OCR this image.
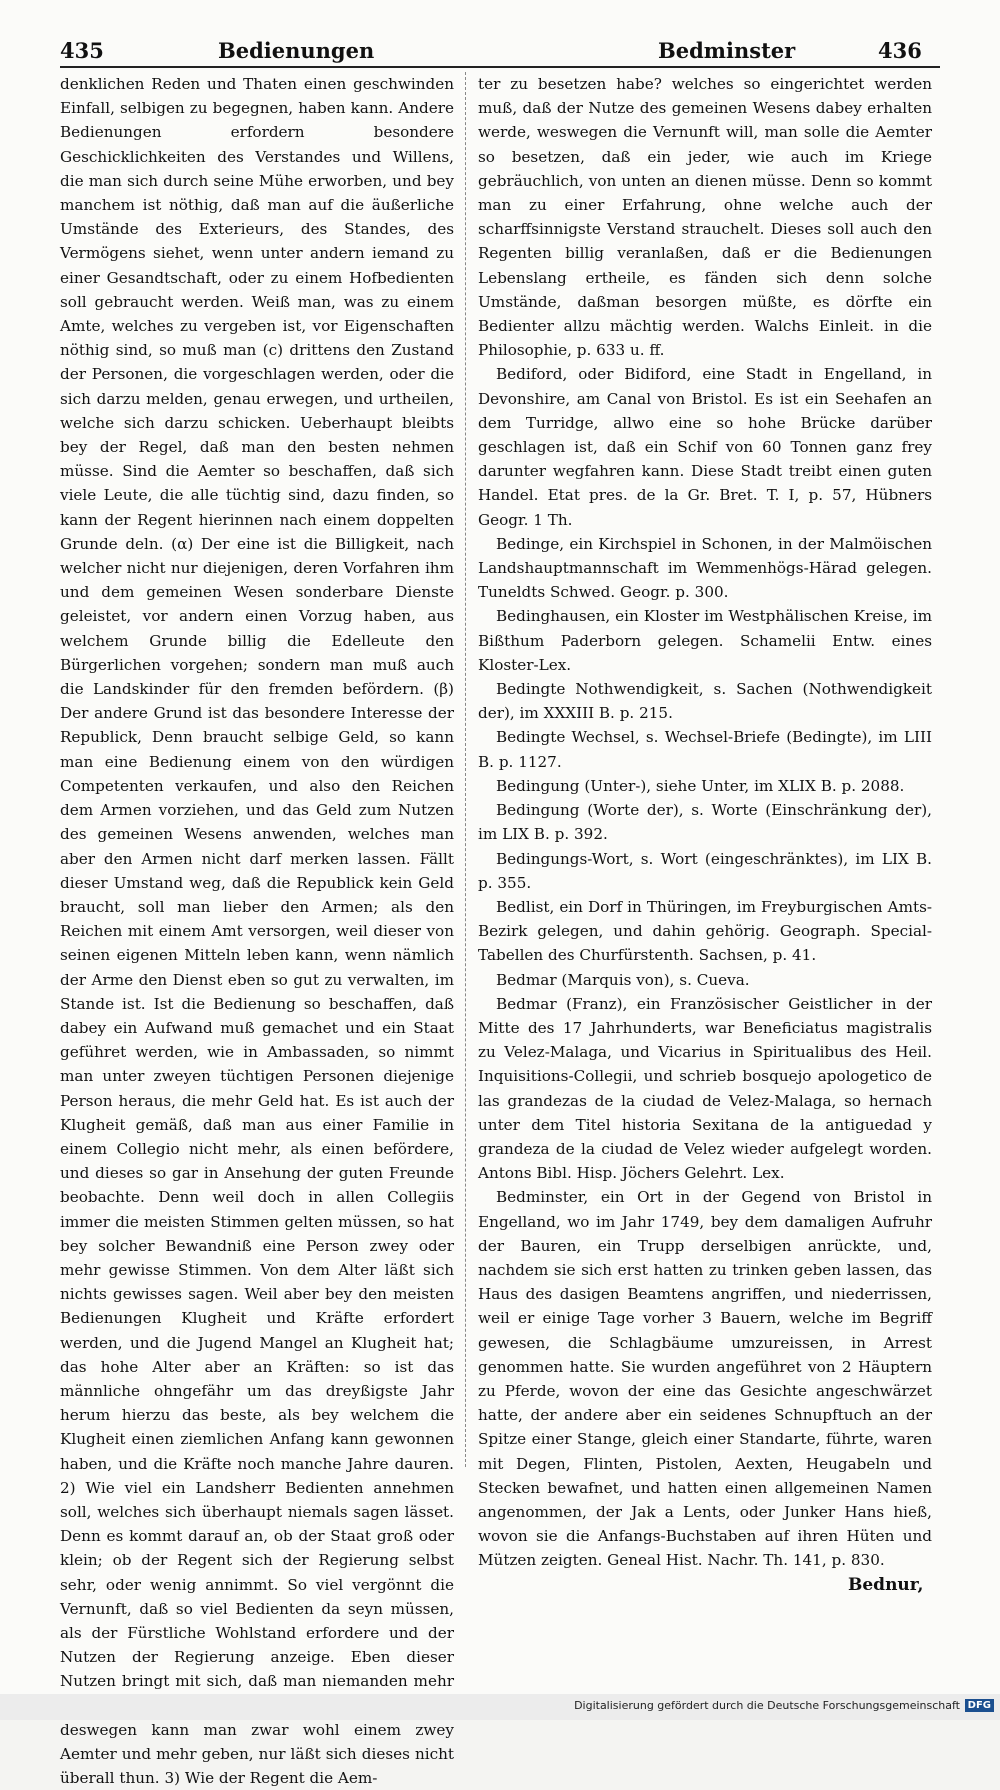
435	Bedienungen	Bedminster	436

denklichen Reden und Thaten einen geschwinden Einfall, selbigen zu begegnen, haben kann. Andere Bedienungen erfordern besondere Geschicklichkeiten des Verstandes und Willens, die man sich durch seine Mühe erworben, und bey manchem ist nöthig, daß man auf die äußerliche Umstände des Exterieurs, des Standes, des Vermögens siehet, wenn unter andern iemand zu einer Gesandtschaft, oder zu einem Hofbedienten soll gebraucht werden. Weiß man, was zu einem Amte, welches zu vergeben ist, vor Eigenschaften nöthig sind, so muß man (c) drittens den Zustand der Personen, die vorgeschlagen werden, oder die sich darzu melden, genau erwegen, und urtheilen, welche sich darzu schicken. Ueberhaupt bleibts bey der Regel, daß man den besten nehmen müsse. Sind die Aemter so beschaffen, daß sich viele Leute, die alle tüchtig sind, dazu finden, so kann der Regent hierinnen nach einem doppelten Grunde deln. (α) Der eine ist die Billigkeit, nach welcher nicht nur diejenigen, deren Vorfahren ihm und dem gemeinen Wesen sonderbare Dienste geleistet, vor andern einen Vorzug haben, aus welchem Grunde billig die Edelleute den Bürgerlichen vorgehen; sondern man muß auch die Landskinder für den fremden befördern. (β) Der andere Grund ist das besondere Interesse der Republick, Denn braucht selbige Geld, so kann man eine Bedienung einem von den würdigen Competenten verkaufen, und also den Reichen dem Armen vorziehen, und das Geld zum Nutzen des gemeinen Wesens anwenden, welches man aber den Armen nicht darf merken lassen. Fällt dieser Umstand weg, daß die Republick kein Geld braucht, soll man lieber den Armen; als den Reichen mit einem Amt versorgen, weil dieser von seinen eigenen Mitteln leben kann, wenn nämlich der Arme den Dienst eben so gut zu verwalten, im Stande ist. Ist die Bedienung so beschaffen, daß dabey ein Aufwand muß gemachet und ein Staat geführet werden, wie in Ambassaden, so nimmt man unter zweyen tüchtigen Personen diejenige Person heraus, die mehr Geld hat. Es ist auch der Klugheit gemäß, daß man aus einer Familie in einem Collegio nicht mehr, als einen befördere, und dieses so gar in Ansehung der guten Freunde beobachte. Denn weil doch in allen Collegiis immer die meisten Stimmen gelten müssen, so hat bey solcher Bewandniß eine Person zwey oder mehr gewisse Stimmen. Von dem Alter läßt sich nichts gewisses sagen. Weil aber bey den meisten Bedienungen Klugheit und Kräfte erfordert werden, und die Jugend Mangel an Klugheit hat; das hohe Alter aber an Kräften: so ist das männliche ohngefähr um das dreyßigste Jahr herum hierzu das beste, als bey welchem die Klugheit einen ziemlichen Anfang kann gewonnen haben, und die Kräfte noch manche Jahre dauren. 2) Wie viel ein Landsherr Bedienten annehmen soll, welches sich überhaupt niemals sagen lässet. Denn es kommt darauf an, ob der Staat groß oder klein; ob der Regent sich der Regierung selbst sehr, oder wenig annimmt. So viel vergönnt die Vernunft, daß so viel Bedienten da seyn müssen, als der Fürstliche Wohlstand erfordere und der Nutzen der Regierung anzeige. Eben dieser Nutzen bringt mit sich, daß man niemanden mehr deswegen kann man zwar wohl einem zwey Aemter und mehr geben, nur läßt sich dieses nicht überall thun. 3) Wie der Regent die Aem-

ter zu besetzen habe? welches so eingerichtet werden muß, daß der Nutze des gemeinen Wesens dabey erhalten werde, weswegen die Vernunft will, man solle die Aemter so besetzen, daß ein jeder, wie auch im Kriege gebräuchlich, von unten an dienen müsse. Denn so kommt man zu einer Erfahrung, ohne welche auch der scharffsinnigste Verstand strauchelt. Dieses soll auch den Regenten billig veranlaßen, daß er die Bedienungen Lebenslang ertheile, es fänden sich denn solche Umstände, daßman besorgen müßte, es dörfte ein Bedienter allzu mächtig werden. Walchs Einleit. in die Philosophie, p. 633 u. ff.

Bediford, oder Bidiford, eine Stadt in Engelland, in Devonshire, am Canal von Bristol. Es ist ein Seehafen an dem Turridge, allwo eine so hohe Brücke darüber geschlagen ist, daß ein Schif von 60 Tonnen ganz frey darunter wegfahren kann. Diese Stadt treibt einen guten Handel. Etat pres. de la Gr. Bret. T. I, p. 57, Hübners Geogr. 1 Th.

Bedinge, ein Kirchspiel in Schonen, in der Malmöischen Landshauptmannschaft im Wemmenhögs-Härad gelegen. Tuneldts Schwed. Geogr. p. 300.

Bedinghausen, ein Kloster im Westphälischen Kreise, im Bißthum Paderborn gelegen. Schamelii Entw. eines Kloster-Lex.

Bedingte Nothwendigkeit, s. Sachen (Nothwendigkeit der), im XXXIII B. p. 215.

Bedingte Wechsel, s. Wechsel-Briefe (Bedingte), im LIII B. p. 1127.

Bedingung (Unter-), siehe Unter, im XLIX B. p. 2088.

Bedingung (Worte der), s. Worte (Einschränkung der), im LIX B. p. 392.

Bedingungs-Wort, s. Wort (eingeschränktes), im LIX B. p. 355.

Bedlist, ein Dorf in Thüringen, im Freyburgischen Amts-Bezirk gelegen, und dahin gehörig. Geograph. Special-Tabellen des Churfürstenth. Sachsen, p. 41.

Bedmar (Marquis von), s. Cueva.

Bedmar (Franz), ein Französischer Geistlicher in der Mitte des 17 Jahrhunderts, war Beneficiatus magistralis zu Velez-Malaga, und Vicarius in Spiritualibus des Heil. Inquisitions-Collegii, und schrieb bosquejo apologetico de las grandezas de la ciudad de Velez-Malaga, so hernach unter dem Titel historia Sexitana de la antiguedad y grandeza de la ciudad de Velez wieder aufgelegt worden. Antons Bibl. Hisp. Jöchers Gelehrt. Lex.

Bedminster, ein Ort in der Gegend von Bristol in Engelland, wo im Jahr 1749, bey dem damaligen Aufruhr der Bauren, ein Trupp derselbigen anrückte, und, nachdem sie sich erst hatten zu trinken geben lassen, das Haus des dasigen Beamtens angriffen, und niederrissen, weil er einige Tage vorher 3 Bauern, welche im Begriff gewesen, die Schlagbäume umzureissen, in Arrest genommen hatte. Sie wurden angeführet von 2 Häuptern zu Pferde, wovon der eine das Gesichte angeschwärzet hatte, der andere aber ein seidenes Schnupftuch an der Spitze einer Stange, gleich einer Standarte, führte, waren mit Degen, Flinten, Pistolen, Aexten, Heugabeln und Stecken bewafnet, und hatten einen allgemeinen Namen angenommen, der Jak a Lents, oder Junker Hans hieß, wovon sie die Anfangs-Buchstaben auf ihren Hüten und Mützen zeigten. Geneal Hist. Nachr. Th. 141, p. 830.

Bednur,
Digitalisierung gefördert durch die Deutsche Forschungsgemeinschaft DFG
